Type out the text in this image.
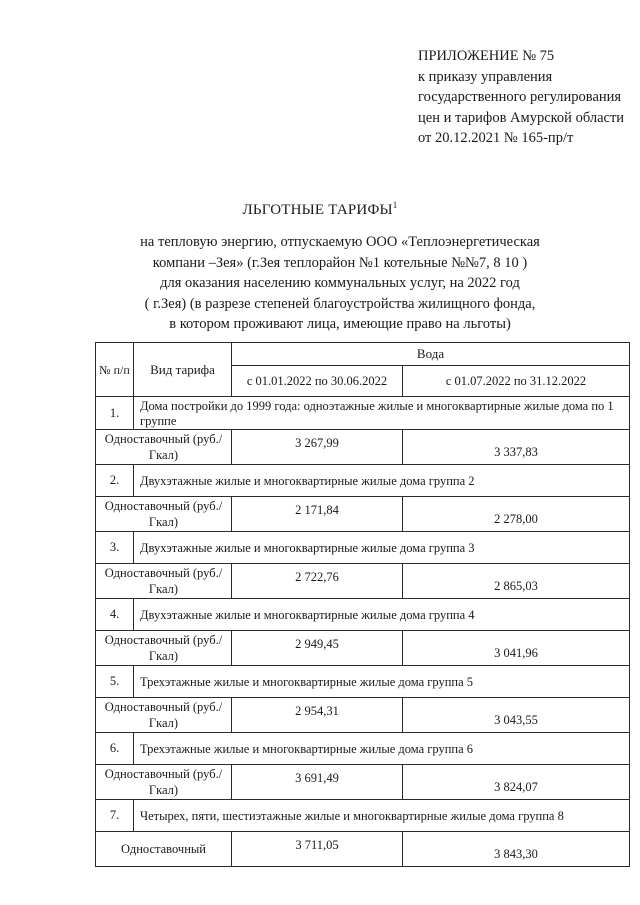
ПРИЛОЖЕНИЕ № 75
к приказу управления
государственного регулирования
цен и тарифов Амурской области
от 20.12.2021 № 165-пр/т
ЛЬГОТНЫЕ ТАРИФЫ$^1$
на тепловую энергию, отпускаемую ООО «Теплоэнергетическая
компани –Зея» (г.Зея теплорайон №1 котельные №№7, 8 10 )
для оказания населению коммунальных услуг, на 2022 год
( г.Зея) (в разрезе степеней благоустройства жилищного фонда,
в котором проживают лица, имеющие право на льготы)
№ п/п	Вид тарифа	Вода	
		с 01.01.2022 по 30.06.2022	с 01.07.2022 по 31.12.2022
1.	Дома постройки до 1999 года: одноэтажные жилые и многоквартирные жилые дома по 1 группе		
Одноставочный (руб./Гкал)		3 267,99	3 337,83
2.	Двухэтажные жилые и многоквартирные жилые дома группа 2		
Одноставочный (руб./Гкал)		2 171,84	2 278,00
3.	Двухэтажные жилые и многоквартирные жилые дома группа 3		
Одноставочный (руб./Гкал)		2 722,76	2 865,03
4.	Двухэтажные жилые и многоквартирные жилые дома группа 4		
Одноставочный (руб./Гкал)		2 949,45	3 041,96
5.	Трехэтажные жилые и многоквартирные жилые дома группа 5		
Одноставочный (руб./Гкал)		2 954,31	3 043,55
6.	Трехэтажные жилые и многоквартирные жилые дома группа 6		
Одноставочный (руб./Гкал)		3 691,49	3 824,07
7.	Четырех, пяти, шестиэтажные жилые и многоквартирные жилые дома группа 8		
Одноставочный		3 711,05	3 843,30
